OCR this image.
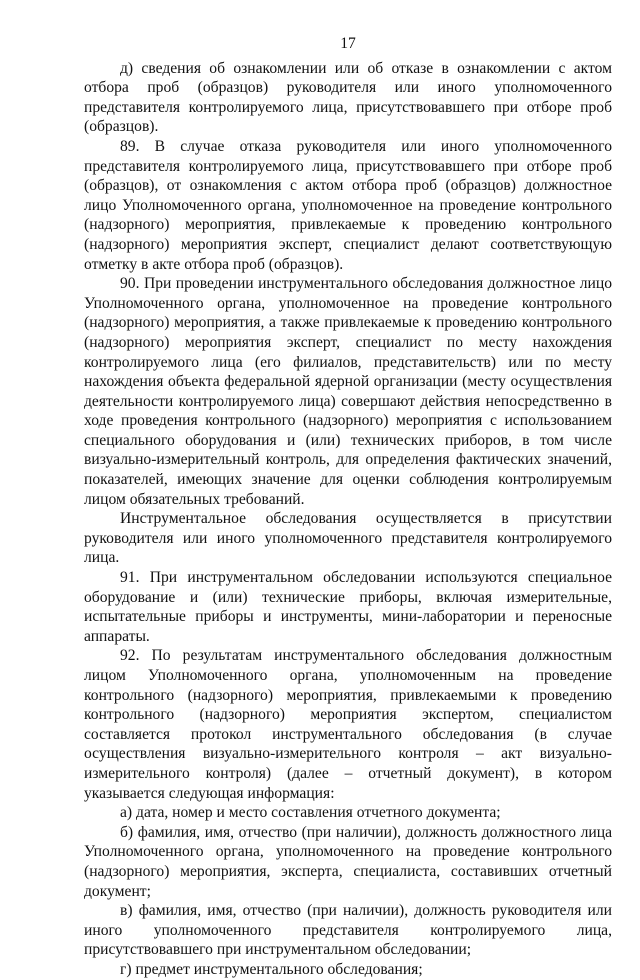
17

д) сведения об ознакомлении или об отказе в ознакомлении с актом отбора проб (образцов) руководителя или иного уполномоченного представителя контролируемого лица, присутствовавшего при отборе проб (образцов).

89. В случае отказа руководителя или иного уполномоченного представителя контролируемого лица, присутствовавшего при отборе проб (образцов), от ознакомления с актом отбора проб (образцов) должностное лицо Уполномоченного органа, уполномоченное на проведение контрольного (надзорного) мероприятия, привлекаемые к проведению контрольного (надзорного) мероприятия эксперт, специалист делают соответствующую отметку в акте отбора проб (образцов).

90. При проведении инструментального обследования должностное лицо Уполномоченного органа, уполномоченное на проведение контрольного (надзорного) мероприятия, а также привлекаемые к проведению контрольного (надзорного) мероприятия эксперт, специалист по месту нахождения контролируемого лица (его филиалов, представительств) или по месту нахождения объекта федеральной ядерной организации (месту осуществления деятельности контролируемого лица) совершают действия непосредственно в ходе проведения контрольного (надзорного) мероприятия с использованием специального оборудования и (или) технических приборов, в том числе визуально-измерительный контроль, для определения фактических значений, показателей, имеющих значение для оценки соблюдения контролируемым лицом обязательных требований.

Инструментальное обследования осуществляется в присутствии руководителя или иного уполномоченного представителя контролируемого лица.

91. При инструментальном обследовании используются специальное оборудование и (или) технические приборы, включая измерительные, испытательные приборы и инструменты, мини-лаборатории и переносные аппараты.

92. По результатам инструментального обследования должностным лицом Уполномоченного органа, уполномоченным на проведение контрольного (надзорного) мероприятия, привлекаемыми к проведению контрольного (надзорного) мероприятия экспертом, специалистом составляется протокол инструментального обследования (в случае осуществления визуально-измерительного контроля – акт визуально-измерительного контроля) (далее – отчетный документ), в котором указывается следующая информация:

а) дата, номер и место составления отчетного документа;

б) фамилия, имя, отчество (при наличии), должность должностного лица Уполномоченного органа, уполномоченного на проведение контрольного (надзорного) мероприятия, эксперта, специалиста, составивших отчетный документ;

в) фамилия, имя, отчество (при наличии), должность руководителя или иного уполномоченного представителя контролируемого лица, присутствовавшего при инструментальном обследовании;

г) предмет инструментального обследования;
